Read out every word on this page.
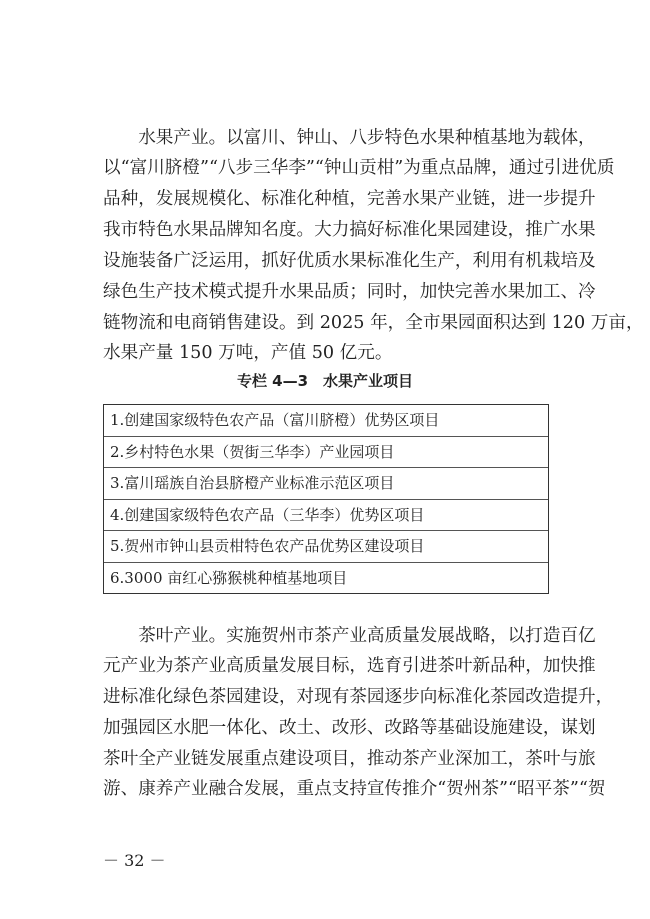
　　水果产业。以富川、钟山、八步特色水果种植基地为载体，
以“富川脐橙”“八步三华李”“钟山贡柑”为重点品牌，通过引进优质
品种，发展规模化、标准化种植，完善水果产业链，进一步提升
我市特色水果品牌知名度。大力搞好标准化果园建设，推广水果
设施装备广泛运用，抓好优质水果标准化生产，利用有机栽培及
绿色生产技术模式提升水果品质；同时，加快完善水果加工、冷
链物流和电商销售建设。到 2025 年，全市果园面积达到 120 万亩，
水果产量 150 万吨，产值 50 亿元。
专栏 4—3　水果产业项目
1.创建国家级特色农产品（富川脐橙）优势区项目
2.乡村特色水果（贺街三华李）产业园项目
3.富川瑶族自治县脐橙产业标准示范区项目
4.创建国家级特色农产品（三华李）优势区项目
5.贺州市钟山县贡柑特色农产品优势区建设项目
6.3000 亩红心猕猴桃种植基地项目
　　茶叶产业。实施贺州市茶产业高质量发展战略，以打造百亿
元产业为茶产业高质量发展目标，选育引进茶叶新品种，加快推
进标准化绿色茶园建设，对现有茶园逐步向标准化茶园改造提升，
加强园区水肥一体化、改土、改形、改路等基础设施建设，谋划
茶叶全产业链发展重点建设项目，推动茶产业深加工，茶叶与旅
游、康养产业融合发展，重点支持宣传推介“贺州茶”“昭平茶”“贺
－ 32 －
